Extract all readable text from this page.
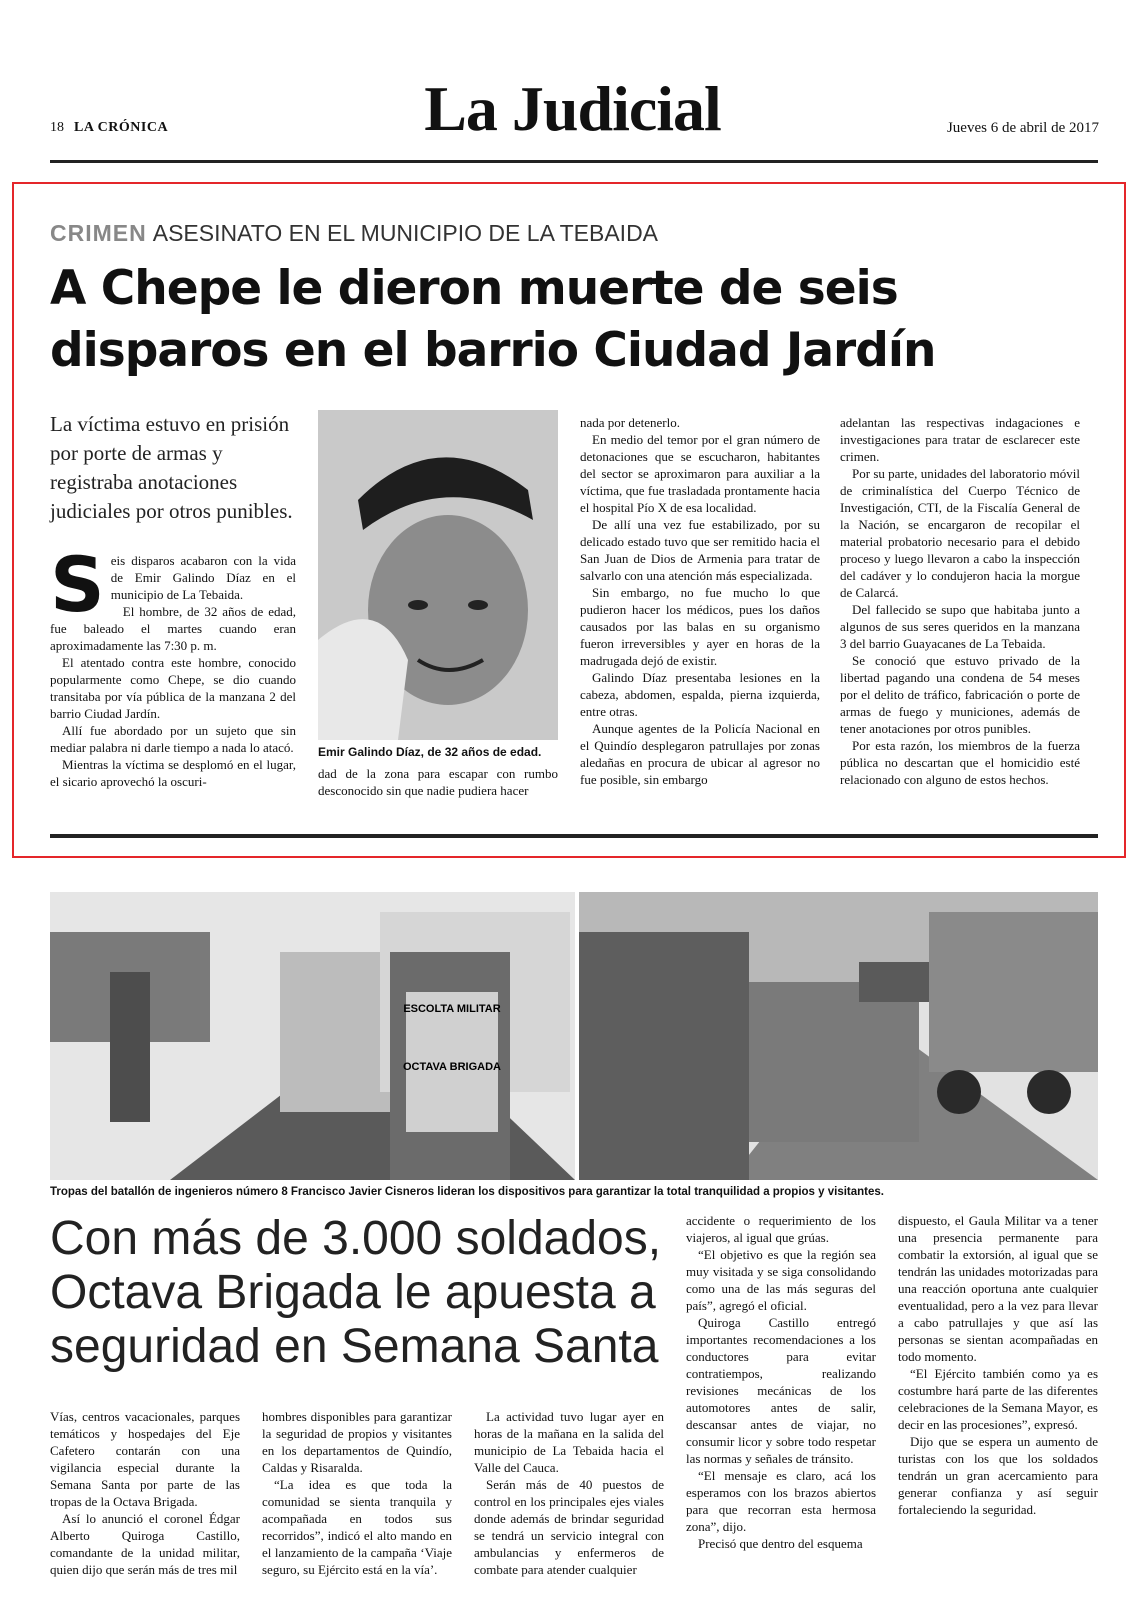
18 LA CRÓNICA	La Judicial	Jueves 6 de abril de 2017
CRIMEN ASESINATO EN EL MUNICIPIO DE LA TEBAIDA
A Chepe le dieron muerte de seis
disparos en el barrio Ciudad Jardín
La víctima estuvo en prisión por porte de armas y registraba anotaciones judiciales por otros punibles.
S eis disparos acabaron con la vida de Emir Galindo Díaz en el municipio de La Tebaida.

El hombre, de 32 años de edad, fue baleado el martes cuando eran aproximadamente las 7:30 p. m.

El atentado contra este hombre, conocido popularmente como Chepe, se dio cuando transitaba por vía pública de la manzana 2 del barrio Ciudad Jardín.

Allí fue abordado por un sujeto que sin mediar palabra ni darle tiempo a nada lo atacó.

Mientras la víctima se desplomó en el lugar, el sicario aprovechó la oscuri-

Emir Galindo Díaz, de 32 años de edad.

dad de la zona para escapar con rumbo desconocido sin que nadie pudiera hacer

nada por detenerlo.

En medio del temor por el gran número de detonaciones que se escucharon, habitantes del sector se aproximaron para auxiliar a la víctima, que fue trasladada prontamente hacia el hospital Pío X de esa localidad.

De allí una vez fue estabilizado, por su delicado estado tuvo que ser remitido hacia el San Juan de Dios de Armenia para tratar de salvarlo con una atención más especializada.

Sin embargo, no fue mucho lo que pudieron hacer los médicos, pues los daños causados por las balas en su organismo fueron irreversibles y ayer en horas de la madrugada dejó de existir.

Galindo Díaz presentaba lesiones en la cabeza, abdomen, espalda, pierna izquierda, entre otras.

Aunque agentes de la Policía Nacional en el Quindío desplegaron patrullajes por zonas aledañas en procura de ubicar al agresor no fue posible, sin embargo

adelantan las respectivas indagaciones e investigaciones para tratar de esclarecer este crimen.

Por su parte, unidades del laboratorio móvil de criminalística del Cuerpo Técnico de Investigación, CTI, de la Fiscalía General de la Nación, se encargaron de recopilar el material probatorio necesario para el debido proceso y luego llevaron a cabo la inspección del cadáver y lo condujeron hacia la morgue de Calarcá.

Del fallecido se supo que habitaba junto a algunos de sus seres queridos en la manzana 3 del barrio Guayacanes de La Tebaida.

Se conoció que estuvo privado de la libertad pagando una condena de 54 meses por el delito de tráfico, fabricación o porte de armas de fuego y municiones, además de tener anotaciones por otros punibles.

Por esta razón, los miembros de la fuerza pública no descartan que el homicidio esté relacionado con alguno de estos hechos.

ESCOLTA MILITAR
OCTAVA BRIGADA
Tropas del batallón de ingenieros número 8 Francisco Javier Cisneros lideran los dispositivos para garantizar la total tranquilidad a propios y visitantes.
Con más de 3.000 soldados,
Octava Brigada le apuesta a
seguridad en Semana Santa

Vías, centros vacacionales, parques temáticos y hospedajes del Eje Cafetero contarán con una vigilancia especial durante la Semana Santa por parte de las tropas de la Octava Brigada.

Así lo anunció el coronel Édgar Alberto Quiroga Castillo, comandante de la unidad militar, quien dijo que serán más de tres mil

hombres disponibles para garantizar la seguridad de propios y visitantes en los departamentos de Quindío, Caldas y Risaralda.

“La idea es que toda la comunidad se sienta tranquila y acompañada en todos sus recorridos”, indicó el alto mando en el lanzamiento de la campaña ‘Viaje seguro, su Ejército está en la vía’.

La actividad tuvo lugar ayer en horas de la mañana en la salida del municipio de La Tebaida hacia el Valle del Cauca.

Serán más de 40 puestos de control en los principales ejes viales donde además de brindar seguridad se tendrá un servicio integral con ambulancias y enfermeros de combate para atender cualquier

accidente o requerimiento de los viajeros, al igual que grúas.

“El objetivo es que la región sea muy visitada y se siga consolidando como una de las más seguras del país”, agregó el oficial.

Quiroga Castillo entregó importantes recomendaciones a los conductores para evitar contratiempos, realizando revisiones mecánicas de los automotores antes de salir, descansar antes de viajar, no consumir licor y sobre todo respetar las normas y señales de tránsito.

“El mensaje es claro, acá los esperamos con los brazos abiertos para que recorran esta hermosa zona”, dijo.

Precisó que dentro del esquema

dispuesto, el Gaula Militar va a tener una presencia permanente para combatir la extorsión, al igual que se tendrán las unidades motorizadas para una reacción oportuna ante cualquier eventualidad, pero a la vez para llevar a cabo patrullajes y que así las personas se sientan acompañadas en todo momento.

“El Ejército también como ya es costumbre hará parte de las diferentes celebraciones de la Semana Mayor, es decir en las procesiones”, expresó.

Dijo que se espera un aumento de turistas con los que los soldados tendrán un gran acercamiento para generar confianza y así seguir fortaleciendo la seguridad.
